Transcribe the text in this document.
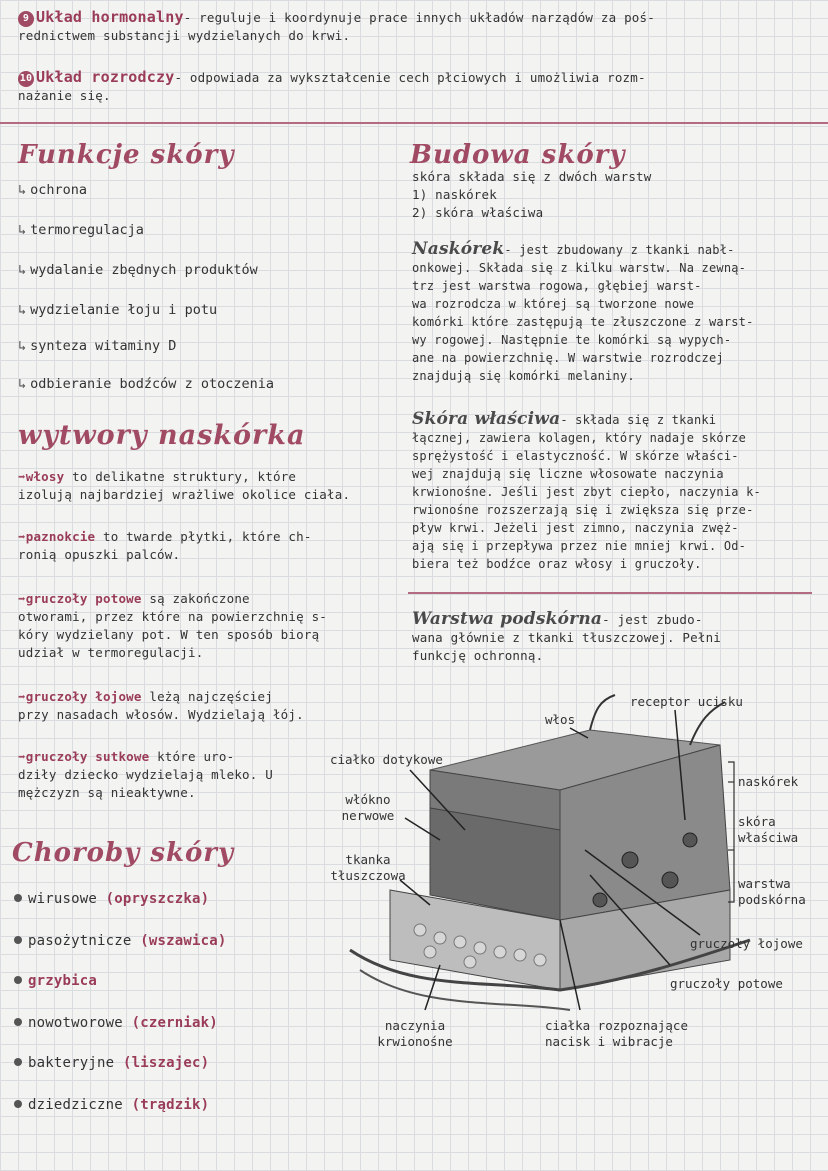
9 Układ hormonalny- reguluje i koordynuje prace innych układów narządów za poś-
rednictwem substancji wydzielanych do krwi.
10 Układ rozrodczy- odpowiada za wykształcenie cech płciowych i umożliwia rozm-
nażanie się.
Funkcje skóry
↳ ochrona
↳ termoregulacja
↳ wydalanie zbędnych produktów
↳ wydzielanie łoju i potu
↳ synteza witaminy D
↳ odbieranie bodźców z otoczenia
wytwory naskórka
➡włosy to delikatne struktury, które
izolują najbardziej wrażliwe okolice ciała.
➡paznokcie to twarde płytki, które ch-
ronią opuszki palców.
➡gruczoły potowe są zakończone
otworami, przez które na powierzchnię s-
kóry wydzielany pot. W ten sposób biorą
udział w termoregulacji.
➡gruczoły łojowe leżą najczęściej
przy nasadach włosów. Wydzielają łój.
➡gruczoły sutkowe które uro-
dziły dziecko wydzielają mleko. U
mężczyzn są nieaktywne.
Choroby skóry
wirusowe (opryszczka)
pasożytnicze (wszawica)
grzybica
nowotworowe (czerniak)
bakteryjne (liszajec)
dziedziczne (trądzik)
Budowa skóry
skóra składa się z dwóch warstw
1) naskórek
2) skóra właściwa
Naskórek- jest zbudowany z tkanki nabł-
onkowej. Składa się z kilku warstw. Na zewną-
trz jest warstwa rogowa, głębiej warst-
wa rozrodcza w której są tworzone nowe
komórki które zastępują te złuszczone z warst-
wy rogowej. Następnie te komórki są wypych-
ane na powierzchnię. W warstwie rozrodczej
znajdują się komórki melaniny.
Skóra właściwa- składa się z tkanki
łącznej, zawiera kolagen, który nadaje skórze
sprężystość i elastyczność. W skórze właści-
wej znajdują się liczne włosowate naczynia
krwionośne. Jeśli jest zbyt ciepło, naczynia k-
rwionośne rozszerzają się i zwiększa się prze-
pływ krwi. Jeżeli jest zimno, naczynia zwęż-
ają się i przepływa przez nie mniej krwi. Od-
biera też bodźce oraz włosy i gruczoły.
Warstwa podskórna- jest zbudo-
wana głównie z tkanki tłuszczowej. Pełni
funkcję ochronną.
receptor ucisku
włos
ciałko dotykowe
włókno
nerwowe
tkanka
tłuszczowa
naskórek
skóra
właściwa
warstwa
podskórna
gruczoły łojowe
gruczoły potowe
naczynia
krwionośne
ciałka rozpoznające
nacisk i wibracje
